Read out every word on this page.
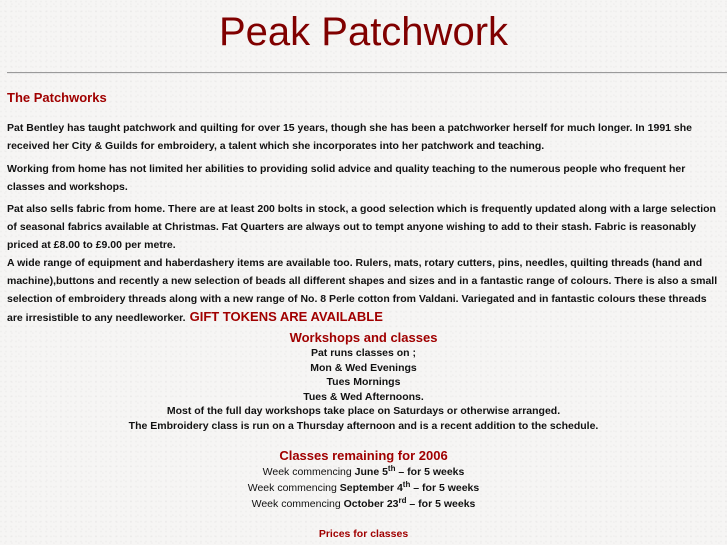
Peak Patchwork
The Patchworks

Pat Bentley has taught patchwork and quilting for over 15 years, though she has been a patchworker herself for much longer. In 1991 she received her City & Guilds for embroidery, a talent which she incorporates into her patchwork and teaching.

Working from home has not limited her abilities to providing solid advice and quality teaching to the numerous people who frequent her classes and workshops.

Pat also sells fabric from home. There are at least 200 bolts in stock, a good selection which is frequently updated along with a large selection of seasonal fabrics available at Christmas. Fat Quarters are always out to tempt anyone wishing to add to their stash. Fabric is reasonably priced at £8.00 to £9.00 per metre.

A wide range of equipment and haberdashery items are available too. Rulers, mats, rotary cutters, pins, needles, quilting threads (hand and machine),buttons and recently a new selection of beads all different shapes and sizes and in a fantastic range of colours. There is also a small selection of embroidery threads along with a new range of No. 8 Perle cotton from Valdani. Variegated and in fantastic colours these threads are irresistible to any needleworker. GIFT TOKENS ARE AVAILABLE

Workshops and classes
Pat runs classes on ;
Mon & Wed Evenings
Tues Mornings
Tues & Wed Afternoons.
Most of the full day workshops take place on Saturdays or otherwise arranged.
The Embroidery class is run on a Thursday afternoon and is a recent addition to the schedule.
Classes remaining for 2006
Week commencing June 5th – for 5 weeks
Week commencing September 4th – for 5 weeks
Week commencing October 23rd – for 5 weeks
Prices for classes
